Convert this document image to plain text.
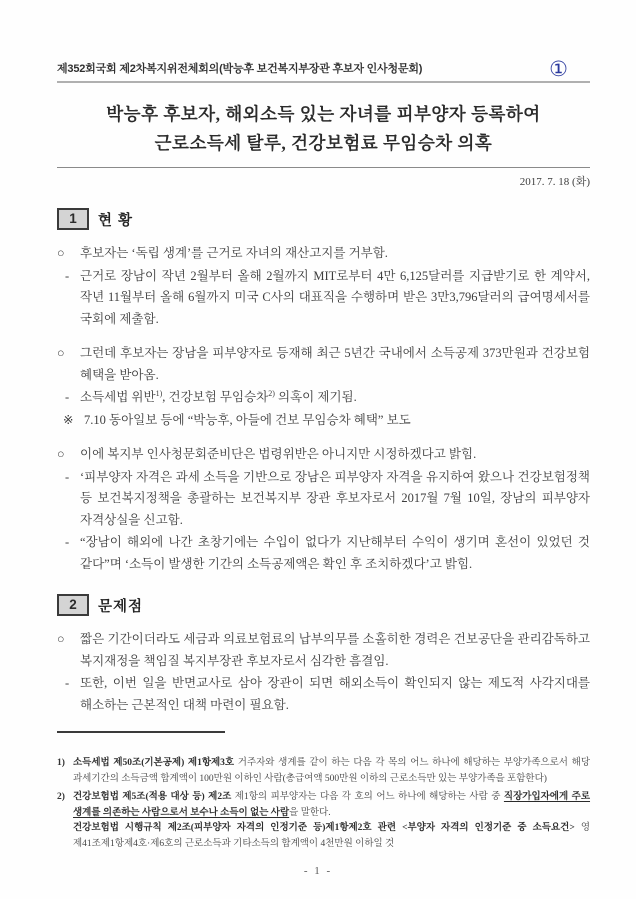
제352회국회 제2차복지위전체회의(박능후 보건복지부장관 후보자 인사청문회)	①
박능후 후보자, 해외소득 있는 자녀를 피부양자 등록하여
근로소득세 탈루, 건강보험료 무임승차 의혹
2017. 7. 18 (화)
1	현 황
○	후보자는 ‘독립 생계’를 근거로 자녀의 재산고지를 거부함.
- 근거로 장남이 작년 2월부터 올해 2월까지 MIT로부터 4만 6,125달러를 지급받기로 한 계약서, 작년 11월부터 올해 6월까지 미국 C사의 대표직을 수행하며 받은 3만3,796달러의 급여명세서를 국회에 제출함.
○	그런데 후보자는 장남을 피부양자로 등재해 최근 5년간 국내에서 소득공제 373만원과 건강보험 혜택을 받아옴.
- 소득세법 위반$^{1)}$, 건강보험 무임승차$^{2)}$ 의혹이 제기됨.
※ 7.10 동아일보 등에 “박능후, 아들에 건보 무임승차 혜택” 보도
○	이에 복지부 인사청문회준비단은 법령위반은 아니지만 시정하겠다고 밝힘.
- ‘피부양자 자격은 과세 소득을 기반으로 장남은 피부양자 자격을 유지하여 왔으나 건강보험정책 등 보건복지정책을 총괄하는 보건복지부 장관 후보자로서 2017월 7월 10일, 장남의 피부양자 자격상실을 신고함.
- “장남이 해외에 나간 초창기에는 수입이 없다가 지난해부터 수익이 생기며 혼선이 있었던 것 같다”며 ‘소득이 발생한 기간의 소득공제액은 확인 후 조치하겠다’고 밝힘.
2	문제점
○	짧은 기간이더라도 세금과 의료보험료의 납부의무를 소홀히한 경력은 건보공단을 관리감독하고 복지재정을 책임질 복지부장관 후보자로서 심각한 흠결임.
- 또한, 이번 일을 반면교사로 삼아 장관이 되면 해외소득이 확인되지 않는 제도적 사각지대를 해소하는 근본적인 대책 마련이 필요함.
1) 소득세법 제50조(기본공제) 제1항제3호 거주자와 생계를 같이 하는 다음 각 목의 어느 하나에 해당하는 부양가족으로서 해당 과세기간의 소득금액 합계액이 100만원 이하인 사람(총급여액 500만원 이하의 근로소득만 있는 부양가족을 포함한다)
2) 건강보험법 제5조(적용 대상 등) 제2조 제1항의 피부양자는 다음 각 호의 어느 하나에 해당하는 사람 중 직장가입자에게 주로 생계를 의존하는 사람으로서 보수나 소득이 없는 사람을 말한다.
건강보험법 시행규칙 제2조(피부양자 자격의 인정기준 등)제1항제2호 관련 <부양자 자격의 인정기준 중 소득요건> 영 제41조제1항제4호·제6호의 근로소득과 기타소득의 합계액이 4천만원 이하일 것
- 1 -
